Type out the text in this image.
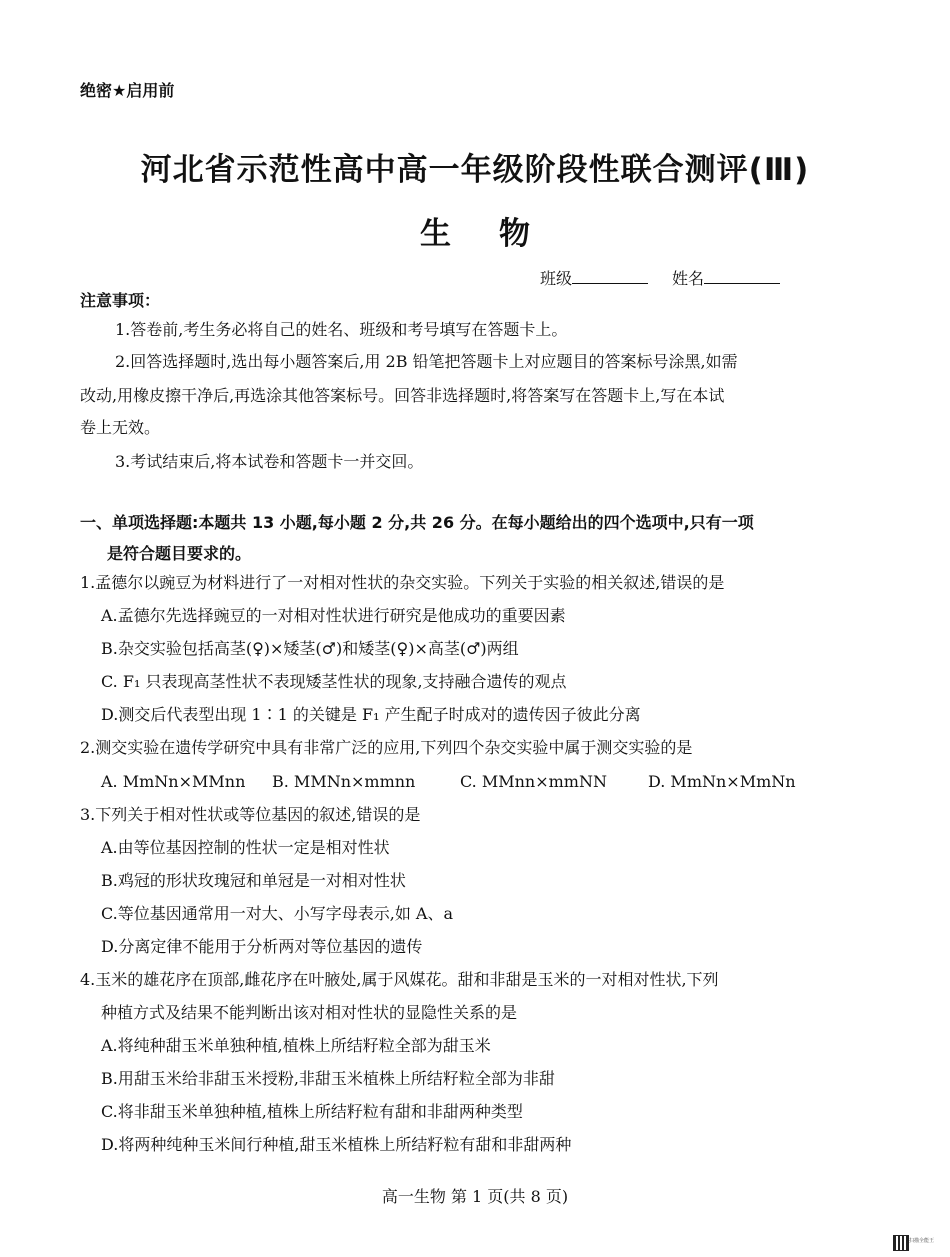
绝密★启用前
河北省示范性高中高一年级阶段性联合测评(Ⅲ)
生 物
班级	姓名
注意事项：
1.答卷前,考生务必将自己的姓名、班级和考号填写在答题卡上。
2.回答选择题时,选出每小题答案后,用 2B 铅笔把答题卡上对应题目的答案标号涂黑,如需
改动,用橡皮擦干净后,再选涂其他答案标号。回答非选择题时,将答案写在答题卡上,写在本试
卷上无效。
3.考试结束后,将本试卷和答题卡一并交回。
一、单项选择题:本题共 13 小题,每小题 2 分,共 26 分。在每小题给出的四个选项中,只有一项
是符合题目要求的。
1.孟德尔以豌豆为材料进行了一对相对性状的杂交实验。下列关于实验的相关叙述,错误的是
A.孟德尔先选择豌豆的一对相对性状进行研究是他成功的重要因素
B.杂交实验包括高茎(♀)×矮茎(♂)和矮茎(♀)×高茎(♂)两组
C. F₁ 只表现高茎性状不表现矮茎性状的现象,支持融合遗传的观点
D.测交后代表型出现 1∶1 的关键是 F₁ 产生配子时成对的遗传因子彼此分离
2.测交实验在遗传学研究中具有非常广泛的应用,下列四个杂交实验中属于测交实验的是
A. MmNn×MMnn B. MMNn×mmnn	C. MMnn×mmNN	D. MmNn×MmNn
3.下列关于相对性状或等位基因的叙述,错误的是
A.由等位基因控制的性状一定是相对性状
B.鸡冠的形状玫瑰冠和单冠是一对相对性状
C.等位基因通常用一对大、小写字母表示,如 A、a
D.分离定律不能用于分析两对等位基因的遗传
4.玉米的雄花序在顶部,雌花序在叶腋处,属于风媒花。甜和非甜是玉米的一对相对性状,下列
种植方式及结果不能判断出该对相对性状的显隐性关系的是
A.将纯种甜玉米单独种植,植株上所结籽粒全部为甜玉米
B.用甜玉米给非甜玉米授粉,非甜玉米植株上所结籽粒全部为非甜
C.将非甜玉米单独种植,植株上所结籽粒有甜和非甜两种类型
D.将两种纯种玉米间行种植,甜玉米植株上所结籽粒有甜和非甜两种
高一生物 第 1 页(共 8 页)
扫描全能王
